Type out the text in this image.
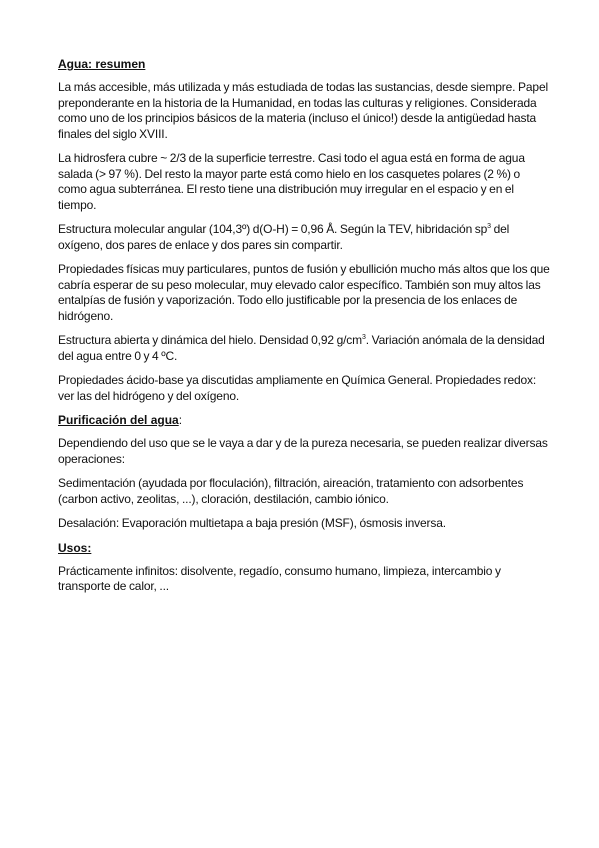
Agua: resumen

La más accesible, más utilizada y más estudiada de todas las sustancias, desde siempre. Papel preponderante en la historia de la Humanidad, en todas las culturas y religiones. Considerada como uno de los principios básicos de la materia (incluso el único!) desde la antigüedad hasta finales del siglo XVIII.

La hidrosfera cubre ~ 2/3 de la superficie terrestre. Casi todo el agua está en forma de agua salada (> 97 %). Del resto la mayor parte está como hielo en los casquetes polares (2 %) o como agua subterránea. El resto tiene una distribución muy irregular en el espacio y en el tiempo.

Estructura molecular angular (104,3º) d(O-H) = 0,96 Å. Según la TEV, hibridación $sp^3$ del oxígeno, dos pares de enlace y dos pares sin compartir.

Propiedades físicas muy particulares, puntos de fusión y ebullición mucho más altos que los que cabría esperar de su peso molecular, muy elevado calor específico. También son muy altos las entalpías de fusión y vaporización. Todo ello justificable por la presencia de los enlaces de hidrógeno.

Estructura abierta y dinámica del hielo. Densidad 0,92 $g/cm^3$. Variación anómala de la densidad del agua entre 0 y 4 ºC.

Propiedades ácido-base ya discutidas ampliamente en Química General. Propiedades redox: ver las del hidrógeno y del oxígeno.

Purificación del agua:

Dependiendo del uso que se le vaya a dar y de la pureza necesaria, se pueden realizar diversas operaciones:

Sedimentación (ayudada por floculación), filtración, aireación, tratamiento con adsorbentes (carbon activo, zeolitas, ...), cloración, destilación, cambio iónico.

Desalación: Evaporación multietapa a baja presión (MSF), ósmosis inversa.

Usos:

Prácticamente infinitos: disolvente, regadío, consumo humano, limpieza, intercambio y transporte de calor, ...
